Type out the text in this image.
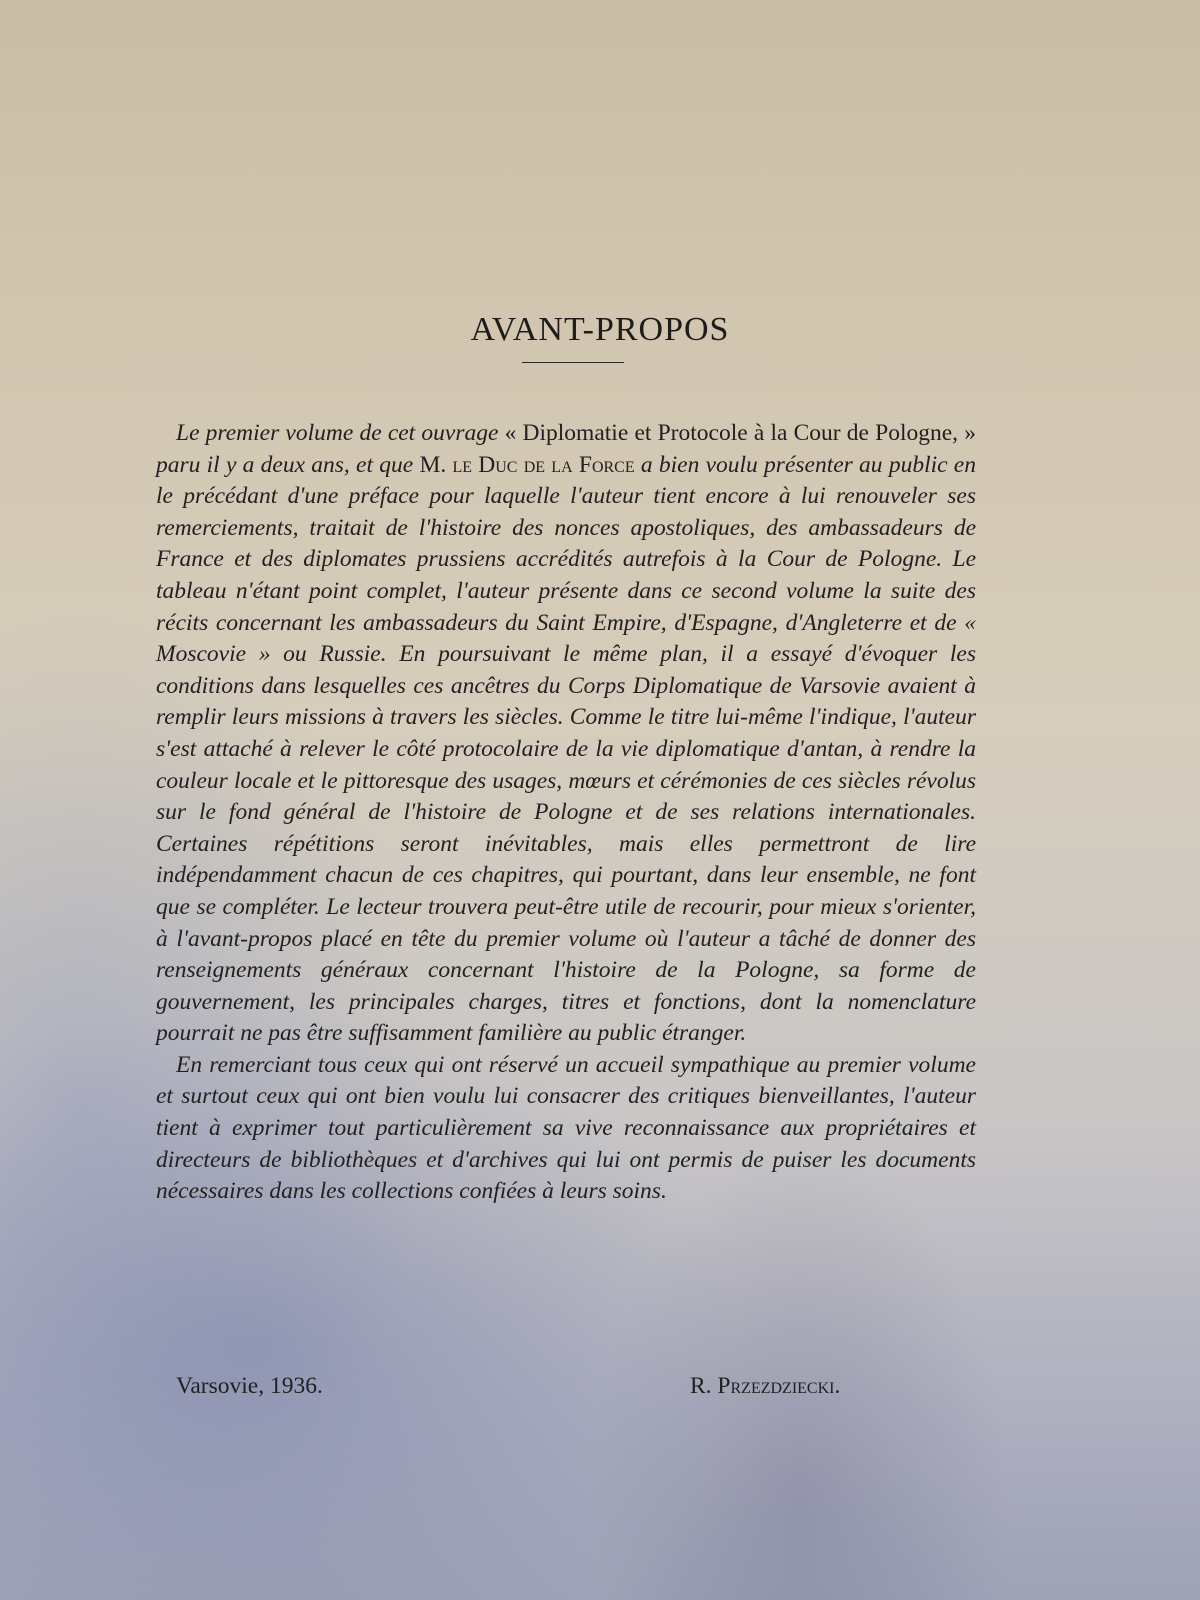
AVANT-PROPOS

Le premier volume de cet ouvrage « Diplomatie et Protocole à la Cour de Pologne, » paru il y a deux ans, et que M. le Duc de la Force a bien voulu présenter au public en le précédant d'une préface pour laquelle l'auteur tient encore à lui renouveler ses remerciements, traitait de l'histoire des nonces apostoliques, des ambassadeurs de France et des diplomates prussiens accrédités autrefois à la Cour de Pologne. Le tableau n'étant point complet, l'auteur présente dans ce second volume la suite des récits concernant les ambassadeurs du Saint Empire, d'Espagne, d'Angleterre et de « Moscovie » ou Russie. En poursuivant le même plan, il a essayé d'évoquer les conditions dans lesquelles ces ancêtres du Corps Diplomatique de Varsovie avaient à remplir leurs missions à travers les siècles. Comme le titre lui-même l'indique, l'auteur s'est attaché à relever le côté protocolaire de la vie diplomatique d'antan, à rendre la couleur locale et le pittoresque des usages, mœurs et cérémonies de ces siècles révolus sur le fond général de l'histoire de Pologne et de ses relations internationales. Certaines répétitions seront inévitables, mais elles permettront de lire indépendamment chacun de ces chapitres, qui pourtant, dans leur ensemble, ne font que se compléter. Le lecteur trouvera peut-être utile de recourir, pour mieux s'orienter, à l'avant-propos placé en tête du premier volume où l'auteur a tâché de donner des renseignements généraux concernant l'histoire de la Pologne, sa forme de gouvernement, les principales charges, titres et fonctions, dont la nomenclature pourrait ne pas être suffisamment familière au public étranger.

En remerciant tous ceux qui ont réservé un accueil sympathique au premier volume et surtout ceux qui ont bien voulu lui consacrer des critiques bienveillantes, l'auteur tient à exprimer tout particulièrement sa vive reconnaissance aux propriétaires et directeurs de bibliothèques et d'archives qui lui ont permis de puiser les documents nécessaires dans les collections confiées à leurs soins.

Varsovie, 1936.	R. Przezdziecki.
